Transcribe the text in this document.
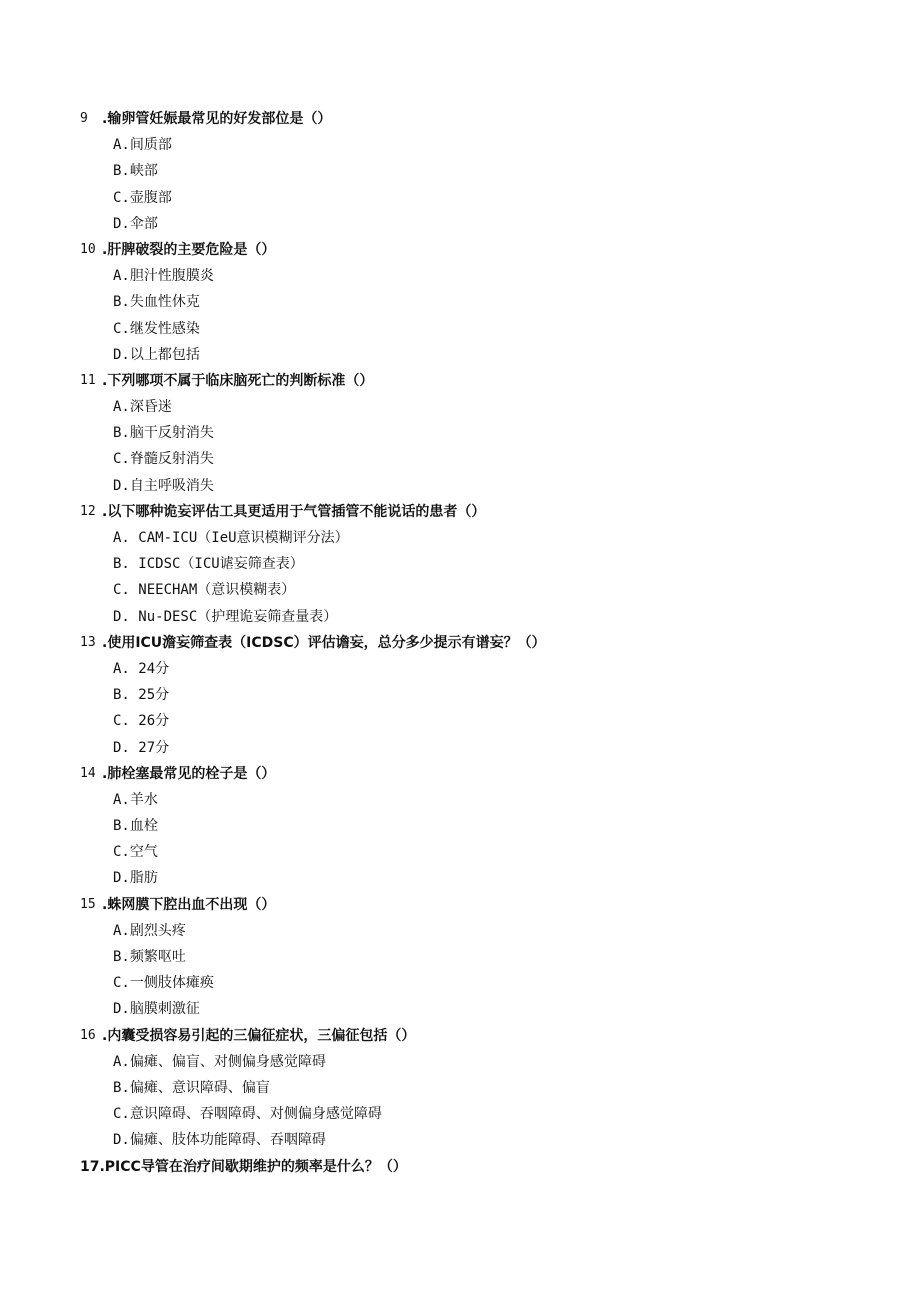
9 .输卵管妊娠最常见的好发部位是（）
A.间质部
B.峡部
C.壶腹部
D.伞部
10 .肝脾破裂的主要危险是（）
A.胆汁性腹膜炎
B.失血性休克
C.继发性感染
D.以上都包括
11 .下列哪项不属于临床脑死亡的判断标准（）
A.深昏迷
B.脑干反射消失
C.脊髓反射消失
D.自主呼吸消失
12 .以下哪种诡妄评估工具更适用于气管插管不能说话的患者（）
A. CAM-ICU（IeU意识模糊评分法）
B. ICDSC（ICU谑妄筛查表）
C. NEECHAM（意识模糊表）
D. Nu-DESC（护理诡妄筛查量表）
13 .使用ICU澹妄筛查表（ICDSC）评估谵妄，总分多少提示有谱妄？（）
A. 24分
B. 25分
C. 26分
D. 27分
14 .肺栓塞最常见的栓子是（）
A.羊水
B.血栓
C.空气
D.脂肪
15 .蛛网膜下腔出血不出现（）
A.剧烈头疼
B.频繁呕吐
C.一侧肢体瘫痪
D.脑膜刺激征
16 .内囊受损容易引起的三偏征症状，三偏征包括（）
A.偏瘫、偏盲、对侧偏身感觉障碍
B.偏瘫、意识障碍、偏盲
C.意识障碍、吞咽障碍、对侧偏身感觉障碍
D.偏瘫、肢体功能障碍、吞咽障碍
17.PICC导管在治疗间歇期维护的频率是什么？（）
